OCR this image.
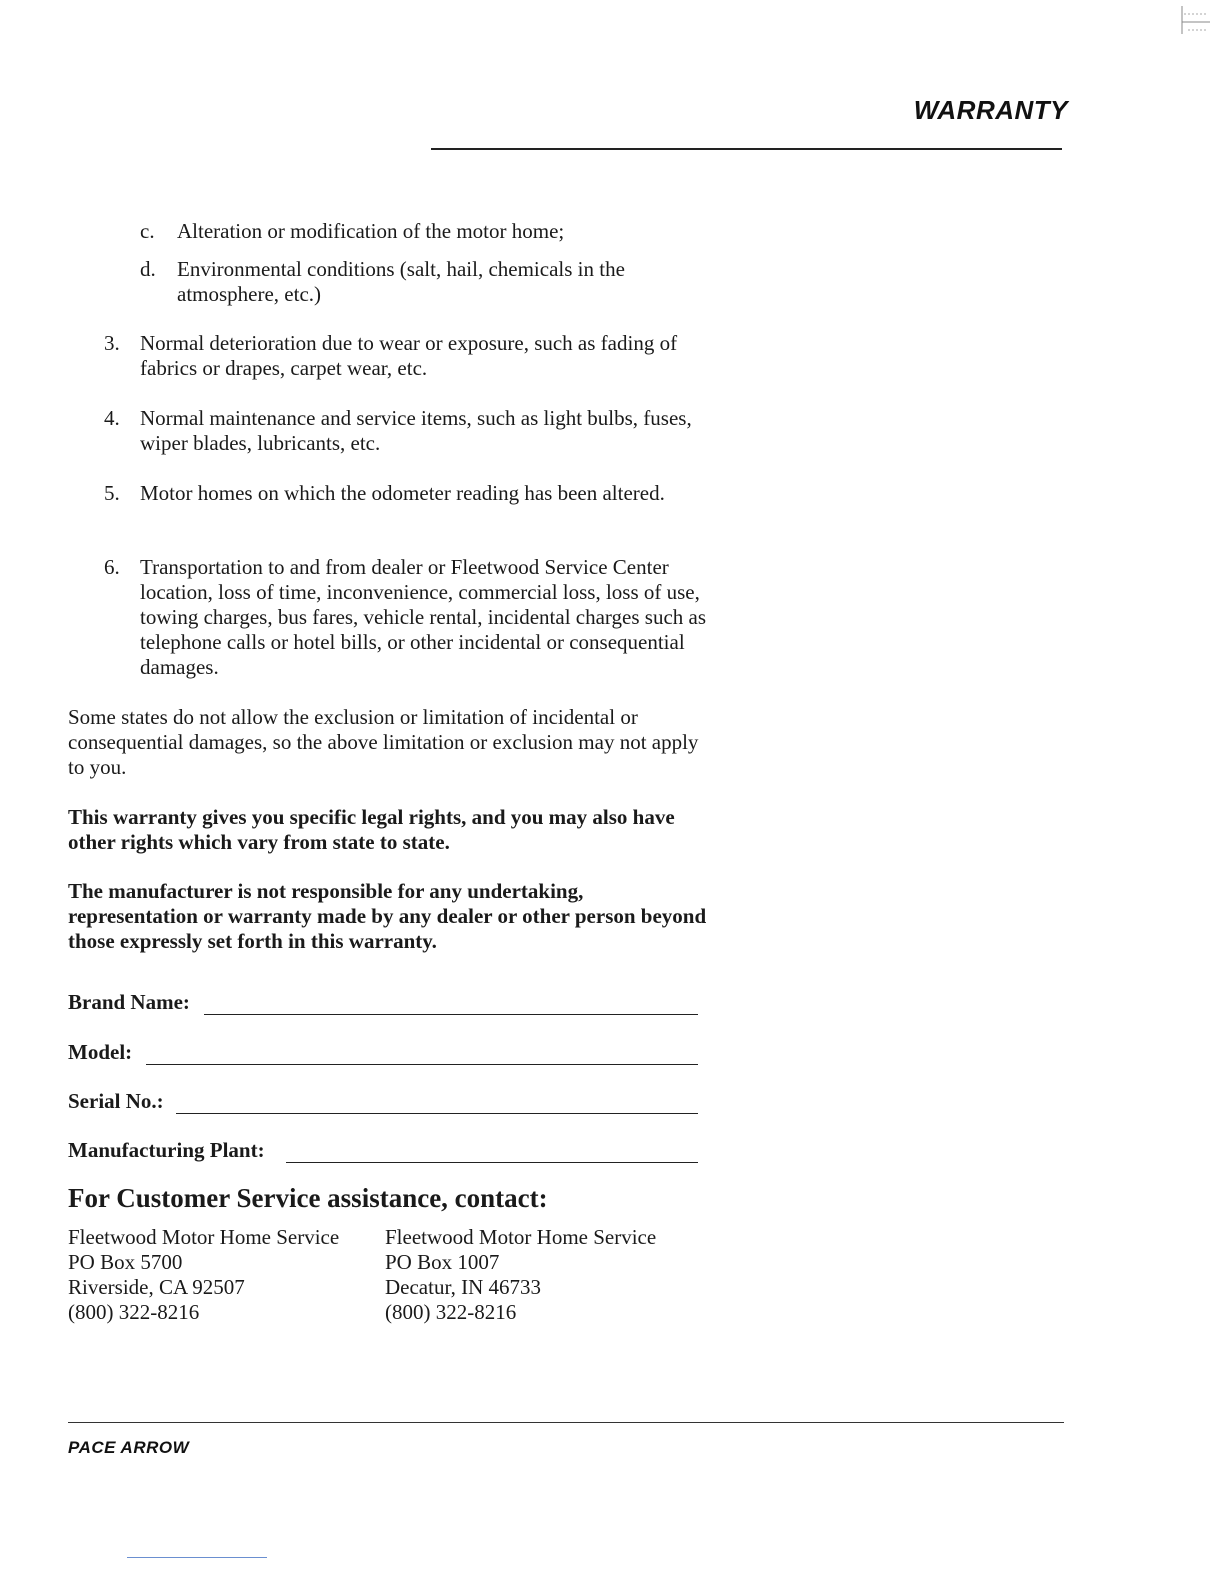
WARRANTY
c. Alteration or modification of the motor home;
d. Environmental conditions (salt, hail, chemicals in the atmosphere, etc.)
3. Normal deterioration due to wear or exposure, such as fading of fabrics or drapes, carpet wear, etc.
4. Normal maintenance and service items, such as light bulbs, fuses, wiper blades, lubricants, etc.
5. Motor homes on which the odometer reading has been altered.
6. Transportation to and from dealer or Fleetwood Service Center location, loss of time, inconvenience, commercial loss, loss of use, towing charges, bus fares, vehicle rental, incidental charges such as telephone calls or hotel bills, or other incidental or consequential damages.

Some states do not allow the exclusion or limitation of incidental or consequential damages, so the above limitation or exclusion may not apply to you.

This warranty gives you specific legal rights, and you may also have other rights which vary from state to state.

The manufacturer is not responsible for any undertaking, representation or warranty made by any dealer or other person beyond those expressly set forth in this warranty.

Brand Name:
Model:
Serial No.:
Manufacturing Plant:
For Customer Service assistance, contact:
Fleetwood Motor Home Service
PO Box 5700
Riverside, CA 92507
(800) 322-8216
Fleetwood Motor Home Service
PO Box 1007
Decatur, IN 46733
(800) 322-8216
PACE ARROW
